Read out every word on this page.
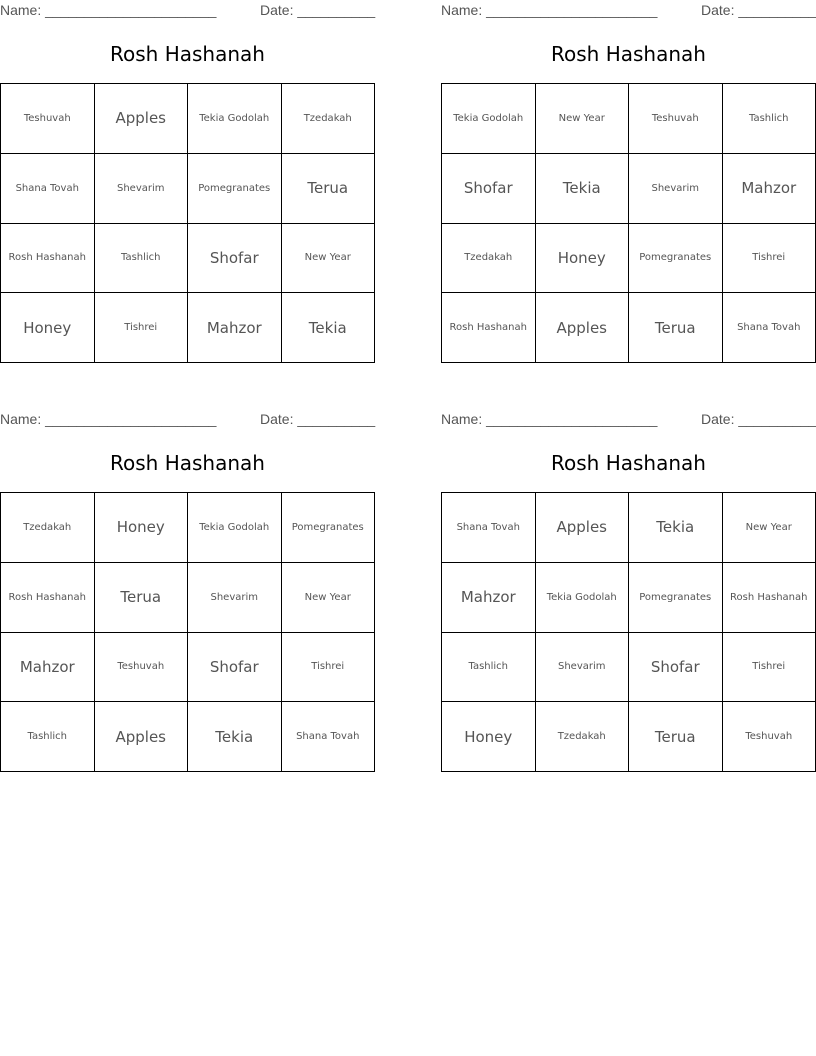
Name: ______________________	Date: __________
Rosh Hashanah
Teshuvah	Apples	Tekia Godolah	Tzedakah
Shana Tovah	Shevarim	Pomegranates	Terua
Rosh Hashanah	Tashlich	Shofar	New Year
Honey	Tishrei	Mahzor	Tekia
Name: ______________________	Date: __________
Rosh Hashanah
Tekia Godolah	New Year	Teshuvah	Tashlich
Shofar	Tekia	Shevarim	Mahzor
Tzedakah	Honey	Pomegranates	Tishrei
Rosh Hashanah	Apples	Terua	Shana Tovah
Name: ______________________	Date: __________
Rosh Hashanah
Tzedakah	Honey	Tekia Godolah	Pomegranates
Rosh Hashanah	Terua	Shevarim	New Year
Mahzor	Teshuvah	Shofar	Tishrei
Tashlich	Apples	Tekia	Shana Tovah
Name: ______________________	Date: __________
Rosh Hashanah
Shana Tovah	Apples	Tekia	New Year
Mahzor	Tekia Godolah	Pomegranates	Rosh Hashanah
Tashlich	Shevarim	Shofar	Tishrei
Honey	Tzedakah	Terua	Teshuvah
